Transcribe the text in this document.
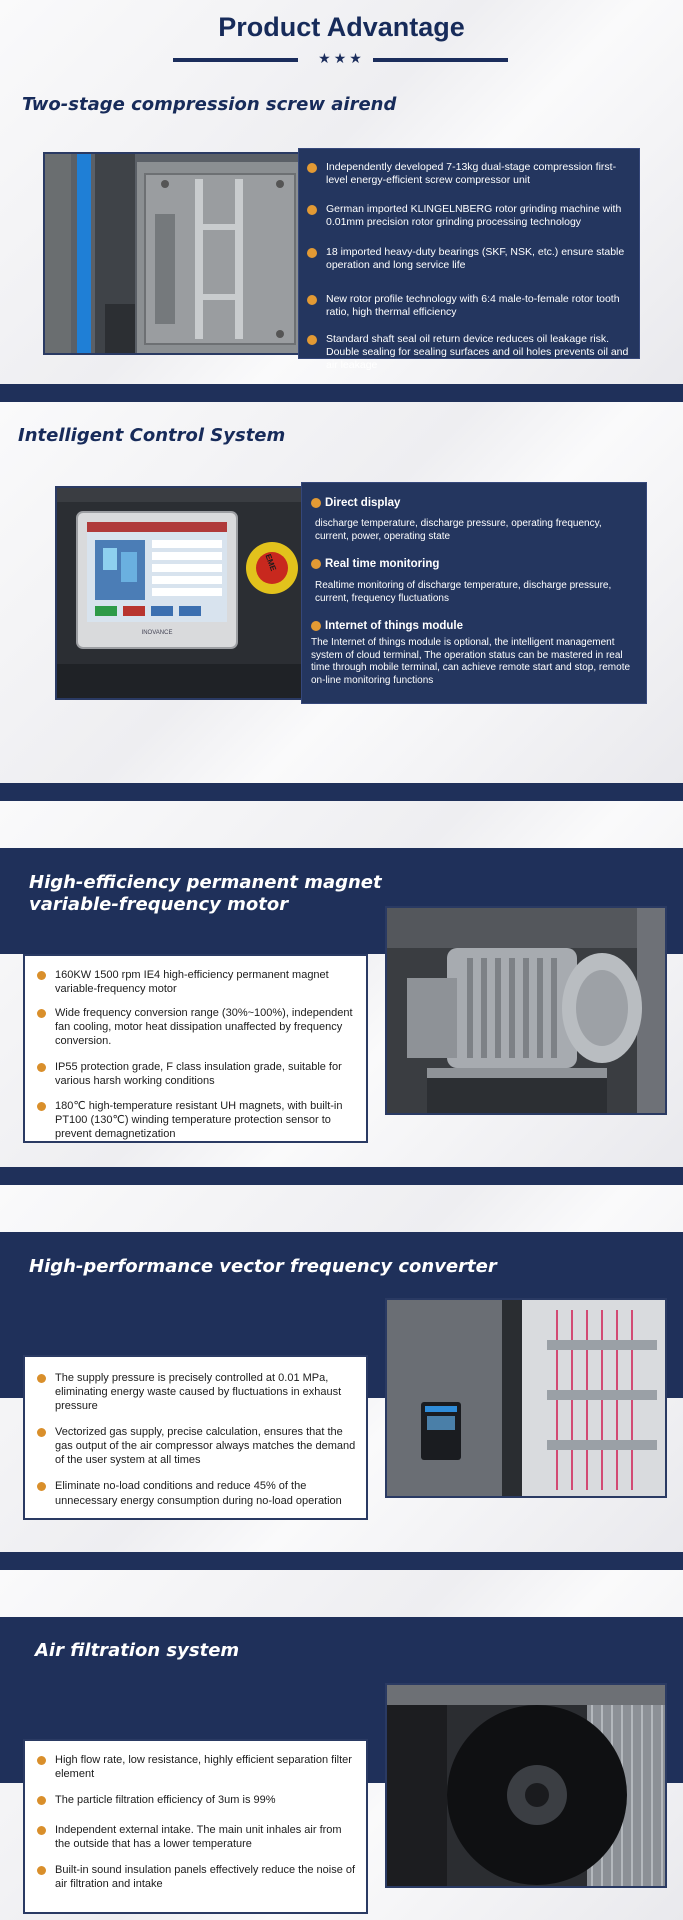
Product Advantage
★★★
Two-stage compression screw airend
Independently developed 7-13kg dual-stage compression first-level energy-efficient screw compressor unit
German imported KLINGELNBERG rotor grinding machine with 0.01mm precision rotor grinding processing technology
18 imported heavy-duty bearings (SKF, NSK, etc.) ensure stable operation and long service life
New rotor profile technology with 6:4 male-to-female rotor tooth ratio, high thermal efficiency
Standard shaft seal oil return device reduces oil leakage risk. Double sealing for sealing surfaces and oil holes prevents oil and air leakage
Intelligent Control System
INOVANCE
EME
Direct display
discharge temperature, discharge pressure, operating frequency, current, power, operating state
Real time monitoring
Realtime monitoring of discharge temperature, discharge pressure, current, frequency fluctuations
Internet of things module
The Internet of things module is optional, the intelligent management system of cloud terminal, The operation status can be mastered in real time through mobile terminal, can achieve remote start and stop, remote on-line monitoring functions
High-efficiency permanent magnet
variable-frequency motor
160KW 1500 rpm IE4 high-efficiency permanent magnet variable-frequency motor
Wide frequency conversion range (30%~100%), independent fan cooling, motor heat dissipation unaffected by frequency conversion.
IP55 protection grade, F class insulation grade, suitable for various harsh working conditions
180℃ high-temperature resistant UH magnets, with built-in PT100 (130℃) winding temperature protection sensor to prevent demagnetization
High-performance vector frequency converter
The supply pressure is precisely controlled at 0.01 MPa, eliminating energy waste caused by fluctuations in exhaust pressure
Vectorized gas supply, precise calculation, ensures that the gas output of the air compressor always matches the demand of the user system at all times
Eliminate no-load conditions and reduce 45% of the unnecessary energy consumption during no-load operation
Air filtration system
High flow rate, low resistance, highly efficient separation filter element
The particle filtration efficiency of 3um is 99%
Independent external intake. The main unit inhales air from the outside that has a lower temperature
Built-in sound insulation panels effectively reduce the noise of air filtration and intake
